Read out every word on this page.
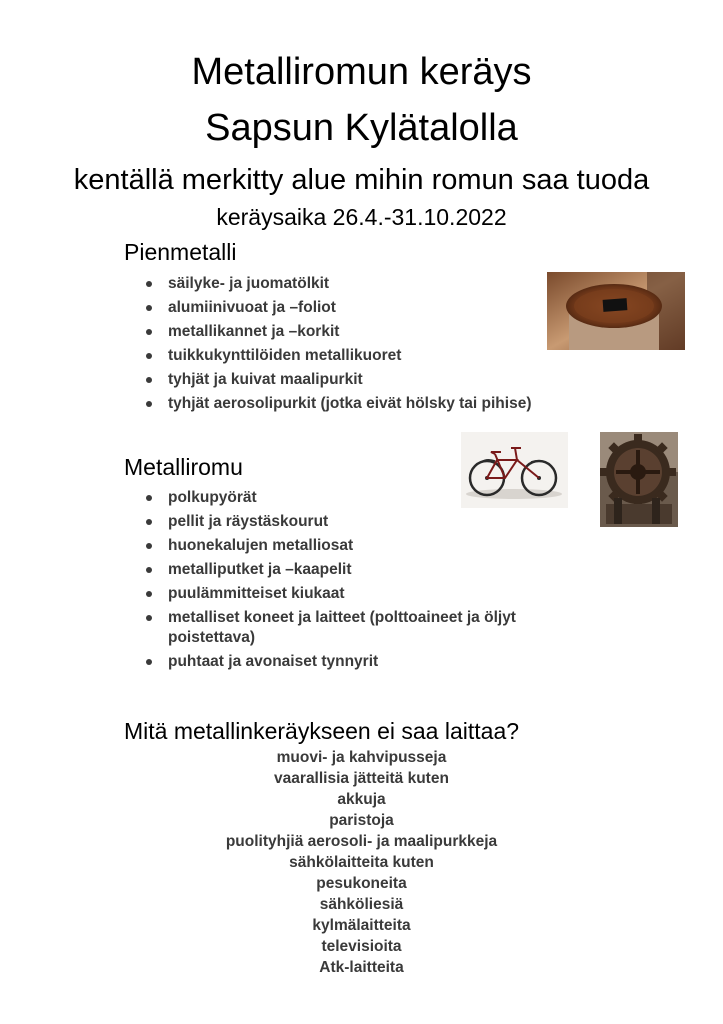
Metalliromun keräys
Sapsun Kylätalolla
kentällä merkitty alue mihin romun saa tuoda
keräysaika 26.4.-31.10.2022
Pienmetalli
säilyke- ja juomatölkit
alumiinivuoat ja –foliot
metallikannet ja –korkit
tuikkukynttilöiden metallikuoret
tyhjät ja kuivat maalipurkit
tyhjät aerosolipurkit (jotka eivät hölsky tai pihise)
Metalliromu
polkupyörät
pellit ja räystäskourut
huonekalujen metalliosat
metalliputket ja –kaapelit
puulämmitteiset kiukaat
metalliset koneet ja laitteet (polttoaineet ja öljyt poistettava)
puhtaat ja avonaiset tynnyrit
Mitä metallinkeräykseen ei saa laittaa?
muovi- ja kahvipusseja
vaarallisia jätteitä kuten
akkuja
paristoja
puolityhjiä aerosoli- ja maalipurkkeja
sähkölaitteita kuten
pesukoneita
sähköliesiä
kylmälaitteita
televisioita
Atk-laitteita
